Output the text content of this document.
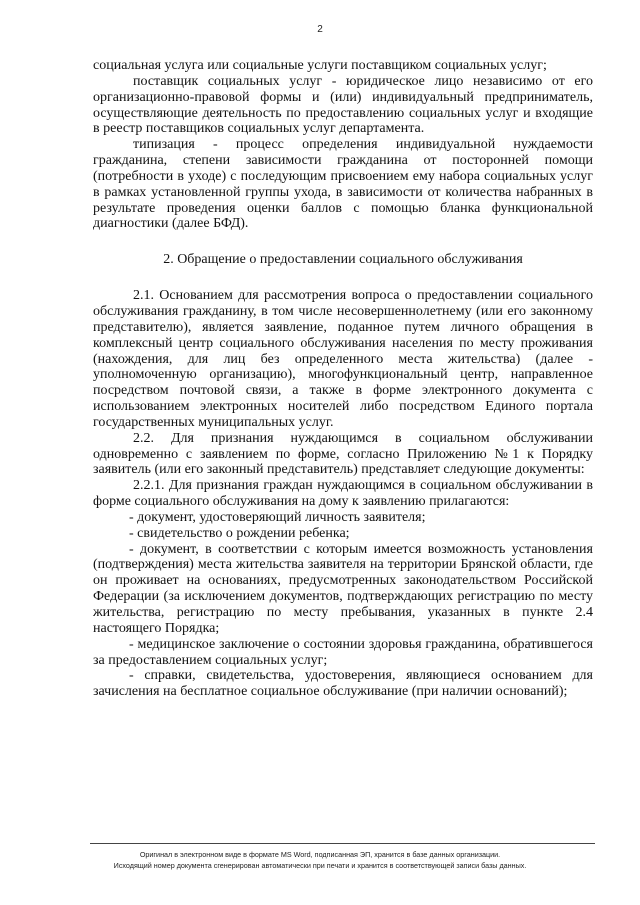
2

социальная услуга или социальные услуги поставщиком социальных услуг;

поставщик социальных услуг - юридическое лицо независимо от его организационно-правовой формы и (или) индивидуальный предприниматель, осуществляющие деятельность по предоставлению социальных услуг и входящие в реестр поставщиков социальных услуг департамента.

типизация - процесс определения индивидуальной нуждаемости гражданина, степени зависимости гражданина от посторонней помощи (потребности в уходе) с последующим присвоением ему набора социальных услуг в рамках установленной группы ухода, в зависимости от количества набранных в результате проведения оценки баллов с помощью бланка функциональной диагностики (далее БФД).

2. Обращение о предоставлении социального обслуживания

2.1. Основанием для рассмотрения вопроса о предоставлении социального обслуживания гражданину, в том числе несовершеннолетнему (или его законному представителю), является заявление, поданное путем личного обращения в комплексный центр социального обслуживания населения по месту проживания (нахождения, для лиц без определенного места жительства) (далее - уполномоченную организацию), многофункциональный центр, направленное посредством почтовой связи, а также в форме электронного документа с использованием электронных носителей либо посредством Единого портала государственных муниципальных услуг.

2.2. Для признания нуждающимся в социальном обслуживании одновременно с заявлением по форме, согласно Приложению №1 к Порядку заявитель (или его законный представитель) представляет следующие документы:

2.2.1. Для признания граждан нуждающимся в социальном обслуживании в форме социального обслуживания на дому к заявлению прилагаются:

- документ, удостоверяющий личность заявителя;

- свидетельство о рождении ребенка;

- документ, в соответствии с которым имеется возможность установления (подтверждения) места жительства заявителя на территории Брянской области, где он проживает на основаниях, предусмотренных законодательством Российской Федерации (за исключением документов, подтверждающих регистрацию по месту жительства, регистрацию по месту пребывания, указанных в пункте 2.4 настоящего Порядка;

- медицинское заключение о состоянии здоровья гражданина, обратившегося за предоставлением социальных услуг;

- справки, свидетельства, удостоверения, являющиеся основанием для зачисления на бесплатное социальное обслуживание (при наличии оснований);

Оригинал в электронном виде в формате MS Word, подписанная ЭП, хранится в базе данных организации.
Исходящий номер документа сгенерирован автоматически при печати и хранится в соответствующей записи базы данных.
